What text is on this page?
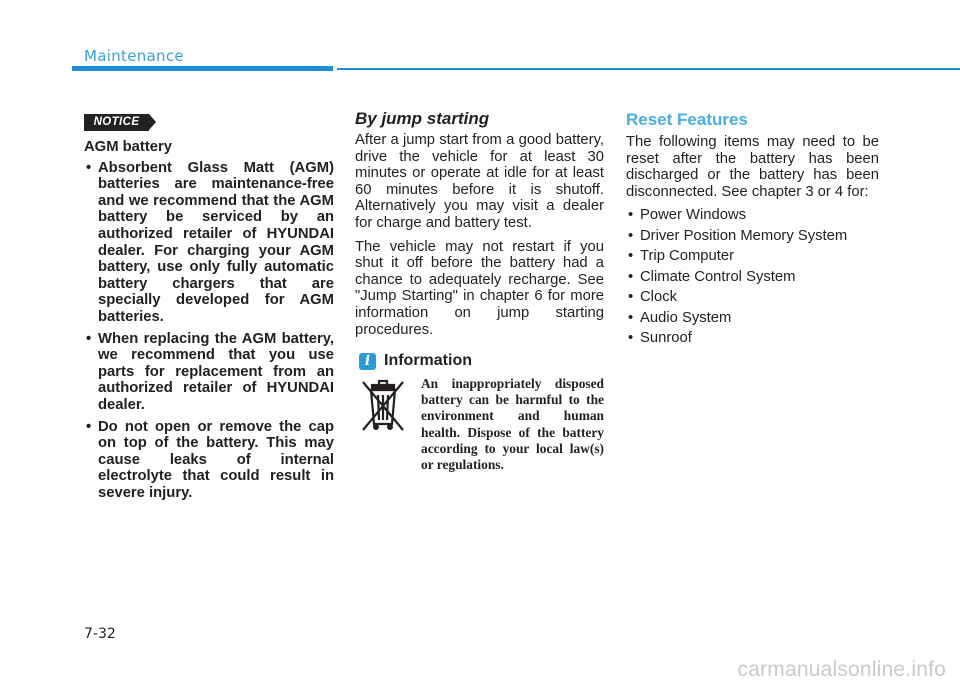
Maintenance
NOTICE

AGM battery

• Absorbent Glass Matt (AGM) batteries are maintenance-free and we recommend that the AGM battery be serviced by an authorized retailer of HYUNDAI dealer. For charging your AGM battery, use only fully automatic battery chargers that are specially developed for AGM batteries.
• When replacing the AGM battery, we recommend that you use parts for replacement from an authorized retailer of HYUNDAI dealer.
• Do not open or remove the cap on top of the battery. This may cause leaks of internal electrolyte that could result in severe injury.
By jump starting

After a jump start from a good battery, drive the vehicle for at least 30 minutes or operate at idle for at least 60 minutes before it is shutoff. Alternatively you may visit a dealer for charge and battery test.

The vehicle may not restart if you shut it off before the battery had a chance to adequately recharge. See "Jump Starting" in chapter 6 for more information on jump starting procedures.

i Information
An inappropriately disposed battery can be harmful to the environment and human health. Dispose of the battery according to your local law(s) or regulations.
Reset Features

The following items may need to be reset after the battery has been discharged or the battery has been disconnected. See chapter 3 or 4 for:

• Power Windows
• Driver Position Memory System
• Trip Computer
• Climate Control System
• Clock
• Audio System
• Sunroof
7-32
carmanualsonline.info
